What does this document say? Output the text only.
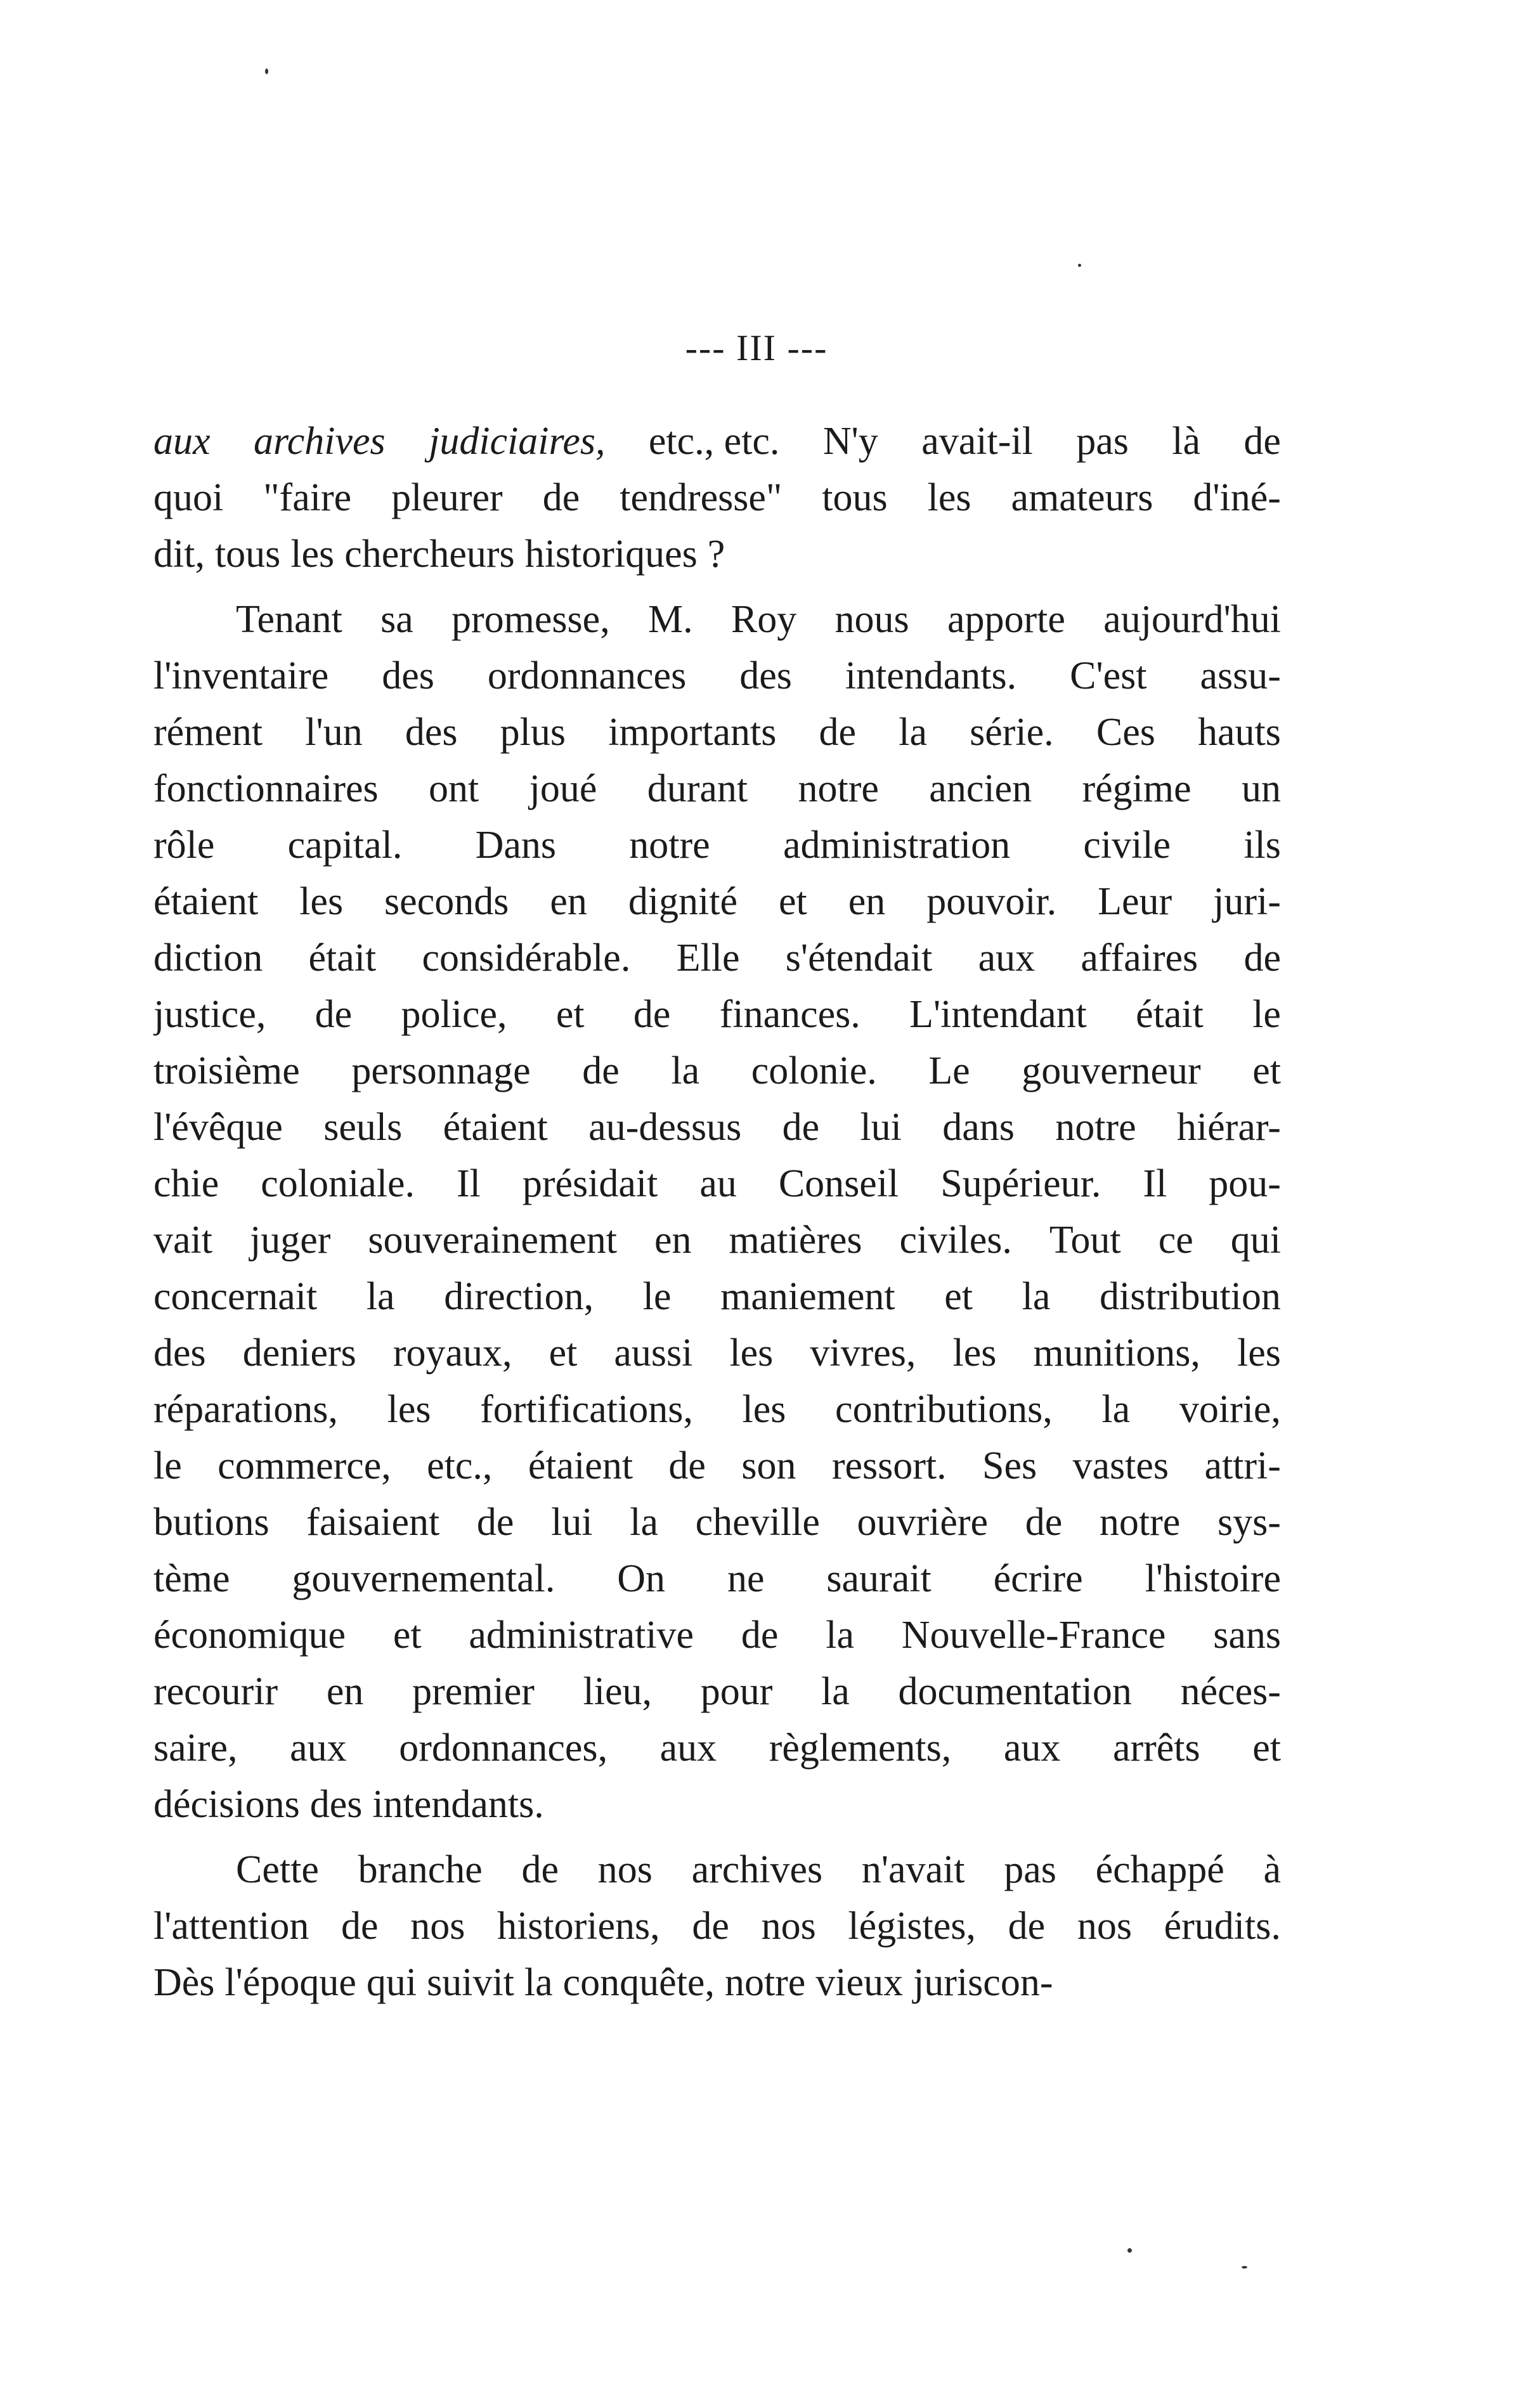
--- III ---
aux archives judiciaires, etc., etc. N'y avait-il pas là de
quoi "faire pleurer de tendresse" tous les amateurs d'iné-
dit, tous les chercheurs historiques ?
Tenant sa promesse, M. Roy nous apporte aujourd'hui
l'inventaire des ordonnances des intendants. C'est assu-
rément l'un des plus importants de la série. Ces hauts
fonctionnaires ont joué durant notre ancien régime un
rôle capital. Dans notre administration civile ils
étaient les seconds en dignité et en pouvoir. Leur juri-
diction était considérable. Elle s'étendait aux affaires de
justice, de police, et de finances. L'intendant était le
troisième personnage de la colonie. Le gouverneur et
l'évêque seuls étaient au-dessus de lui dans notre hiérar-
chie coloniale. Il présidait au Conseil Supérieur. Il pou-
vait juger souverainement en matières civiles. Tout ce qui
concernait la direction, le maniement et la distribution
des deniers royaux, et aussi les vivres, les munitions, les
réparations, les fortifications, les contributions, la voirie,
le commerce, etc., étaient de son ressort. Ses vastes attri-
butions faisaient de lui la cheville ouvrière de notre sys-
tème gouvernemental. On ne saurait écrire l'histoire
économique et administrative de la Nouvelle-France sans
recourir en premier lieu, pour la documentation néces-
saire, aux ordonnances, aux règlements, aux arrêts et
décisions des intendants.
Cette branche de nos archives n'avait pas échappé à
l'attention de nos historiens, de nos légistes, de nos érudits.
Dès l'époque qui suivit la conquête, notre vieux juriscon-
